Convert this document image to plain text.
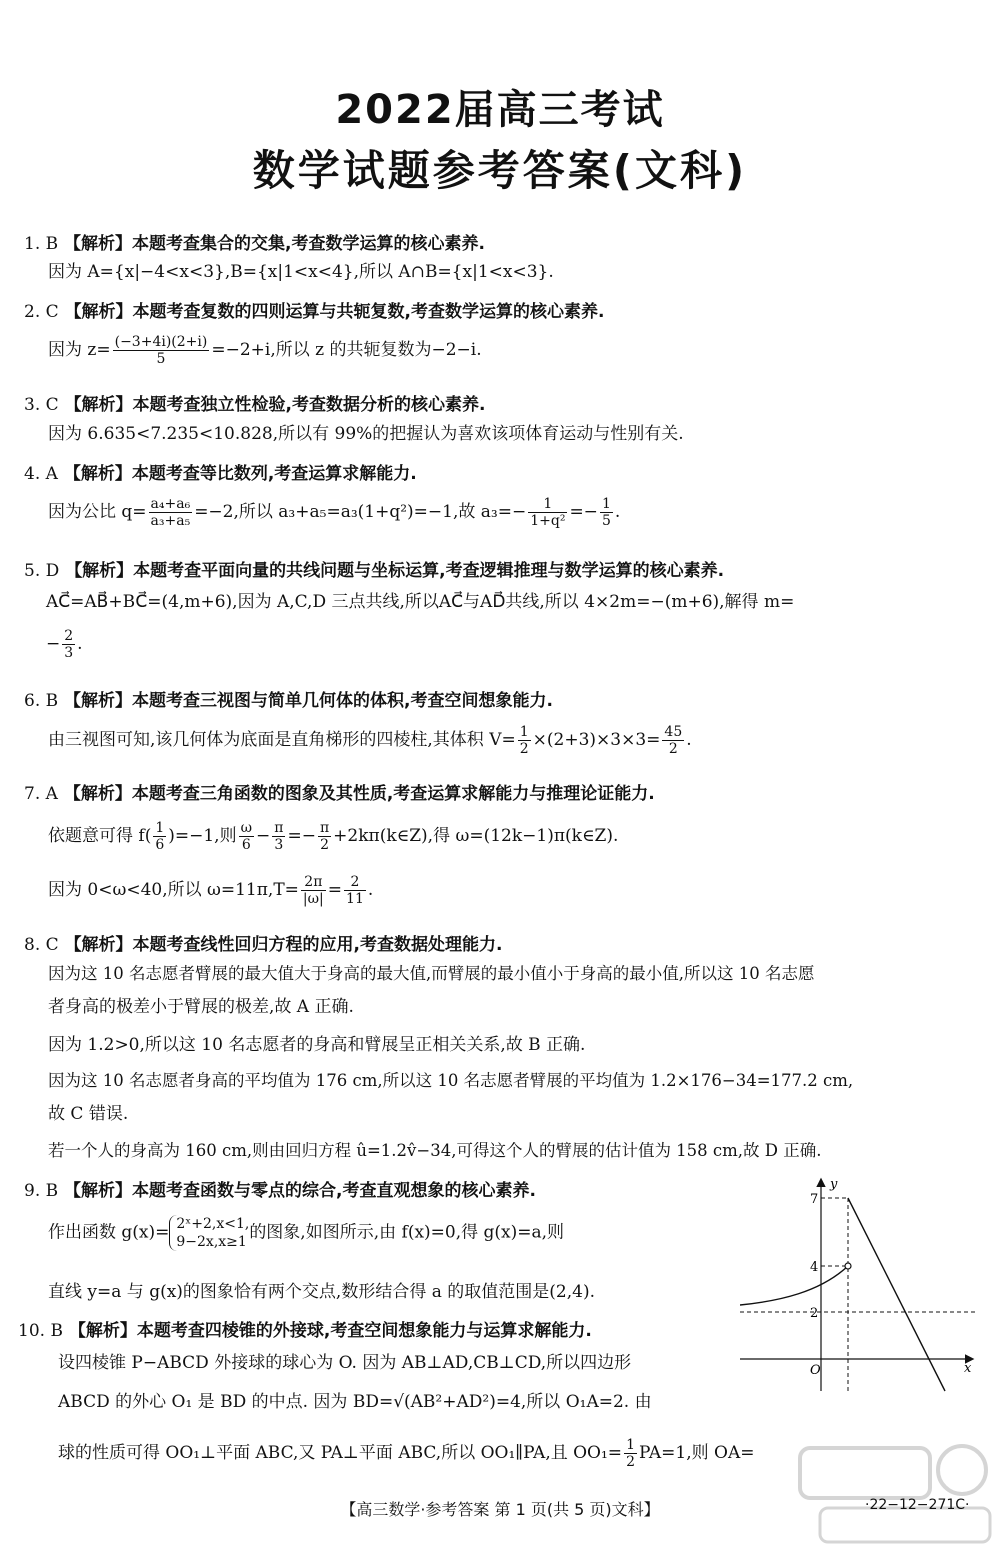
2022届高三考试
数学试题参考答案(文科)
1. B 【解析】本题考查集合的交集,考查数学运算的核心素养.
因为 A={x|−4<x<3},B={x|1<x<4},所以 A∩B={x|1<x<3}.
2. C 【解析】本题考查复数的四则运算与共轭复数,考查数学运算的核心素养.
因为 $z= \frac{(-3+4i)(2+i)}{5} =-2+i$,所以 z 的共轭复数为−2−i.
3. C 【解析】本题考查独立性检验,考查数据分析的核心素养.
因为 6.635<7.235<10.828,所以有 99%的把握认为喜欢该项体育运动与性别有关.
4. A 【解析】本题考查等比数列,考查运算求解能力.
因为公比 $q= \frac{\text{a₄+a₆}}{\text{a₃+a₅}} =-2$,所以 a₃+a₅=a₃(1+q²)=−1,故 $a_3=- \frac{1}{\text{1+q²}} =- \frac{1}{5}$ .
5. D 【解析】本题考查平面向量的共线问题与坐标运算,考查逻辑推理与数学运算的核心素养.
AC⃗=AB⃗+BC⃗=(4,m+6),因为 A,C,D 三点共线,所以AC⃗与AD⃗共线,所以 4×2m=−(m+6),解得 m=
− $\frac{2}{3}$ .
6. B 【解析】本题考查三视图与简单几何体的体积,考查空间想象能力.
由三视图可知,该几何体为底面是直角梯形的四棱柱,其体积 $V= \frac{1}{2} \times(2+3)\times 3\times 3= \frac{45}{2}$ .
7. A 【解析】本题考查三角函数的图象及其性质,考查运算求解能力与推理论证能力.
依题意可得 $f( \frac{1}{6} )=-1$,则 $\frac{\omega}{6} - \frac{\pi}{3} =- \frac{\pi}{2}$ +2kπ(k∈Z),得 ω=(12k−1)π(k∈Z).
因为 0<ω<40,所以 $\omega=11\pi,T= \frac{2\pi}{|\omega|} = \frac{2}{11}$ .
8. C 【解析】本题考查线性回归方程的应用,考查数据处理能力.
因为这 10 名志愿者臂展的最大值大于身高的最大值,而臂展的最小值小于身高的最小值,所以这 10 名志愿
者身高的极差小于臂展的极差,故 A 正确.
因为 1.2>0,所以这 10 名志愿者的身高和臂展呈正相关关系,故 B 正确.
因为这 10 名志愿者身高的平均值为 176 cm,所以这 10 名志愿者臂展的平均值为 1.2×176−34=177.2 cm,
故 C 错误.
若一个人的身高为 160 cm,则由回归方程 û=1.2v̂−34,可得这个人的臂展的估计值为 158 cm,故 D 正确.
9. B 【解析】本题考查函数与零点的综合,考查直观想象的核心素养.
作出函数 g(x)= 2ˣ+2,x<1,
9−2x,x≥1 的图象,如图所示,由 f(x)=0,得 g(x)=a,则
直线 y=a 与 g(x)的图象恰有两个交点,数形结合得 a 的取值范围是(2,4).
10. B 【解析】本题考查四棱锥的外接球,考查空间想象能力与运算求解能力.
设四棱锥 P−ABCD 外接球的球心为 O. 因为 AB⊥AD,CB⊥CD,所以四边形
ABCD 的外心 O₁ 是 BD 的中点. 因为 BD=√(AB²+AD²)=4,所以 O₁A=2. 由
球的性质可得 OO₁⊥平面 ABC,又 PA⊥平面 ABC,所以 OO₁∥PA,且 $OO_1= \frac{1}{2} PA=1$,则 OA=
y
x
O
7
4
2
【高三数学·参考答案 第 1 页(共 5 页)文科】	·22−12−271C·
